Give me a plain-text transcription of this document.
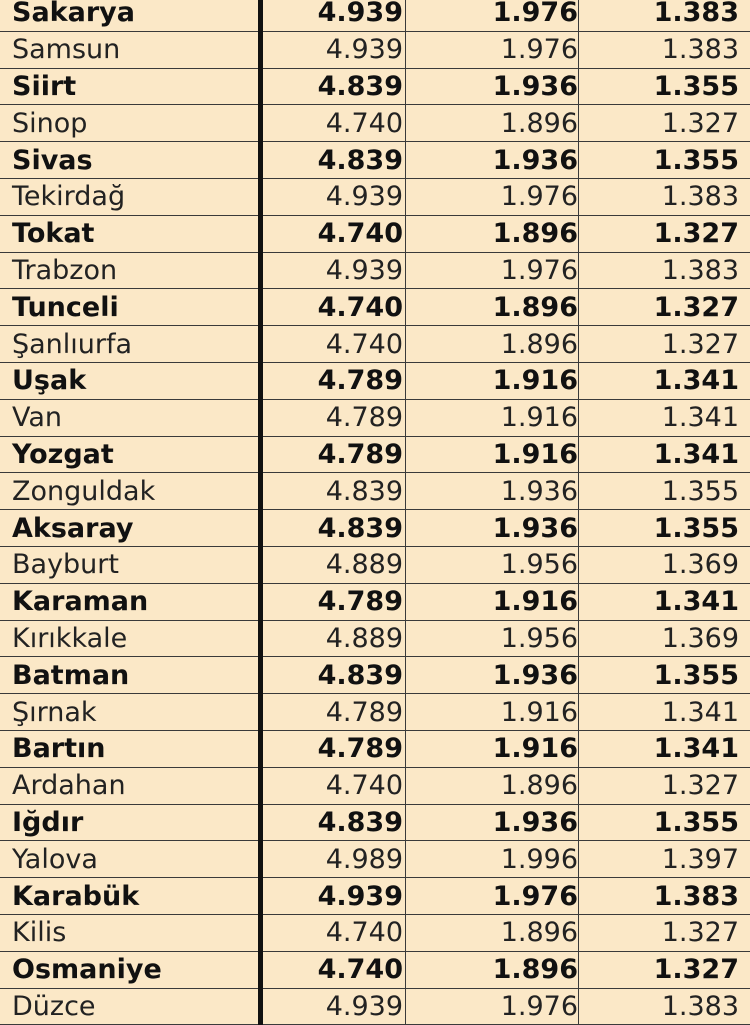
Sakarya	4.939	1.976	1.383
Samsun	4.939	1.976	1.383
Siirt	4.839	1.936	1.355
Sinop	4.740	1.896	1.327
Sivas	4.839	1.936	1.355
Tekirdağ	4.939	1.976	1.383
Tokat	4.740	1.896	1.327
Trabzon	4.939	1.976	1.383
Tunceli	4.740	1.896	1.327
Şanlıurfa	4.740	1.896	1.327
Uşak	4.789	1.916	1.341
Van	4.789	1.916	1.341
Yozgat	4.789	1.916	1.341
Zonguldak	4.839	1.936	1.355
Aksaray	4.839	1.936	1.355
Bayburt	4.889	1.956	1.369
Karaman	4.789	1.916	1.341
Kırıkkale	4.889	1.956	1.369
Batman	4.839	1.936	1.355
Şırnak	4.789	1.916	1.341
Bartın	4.789	1.916	1.341
Ardahan	4.740	1.896	1.327
Iğdır	4.839	1.936	1.355
Yalova	4.989	1.996	1.397
Karabük	4.939	1.976	1.383
Kilis	4.740	1.896	1.327
Osmaniye	4.740	1.896	1.327
Düzce	4.939	1.976	1.383
